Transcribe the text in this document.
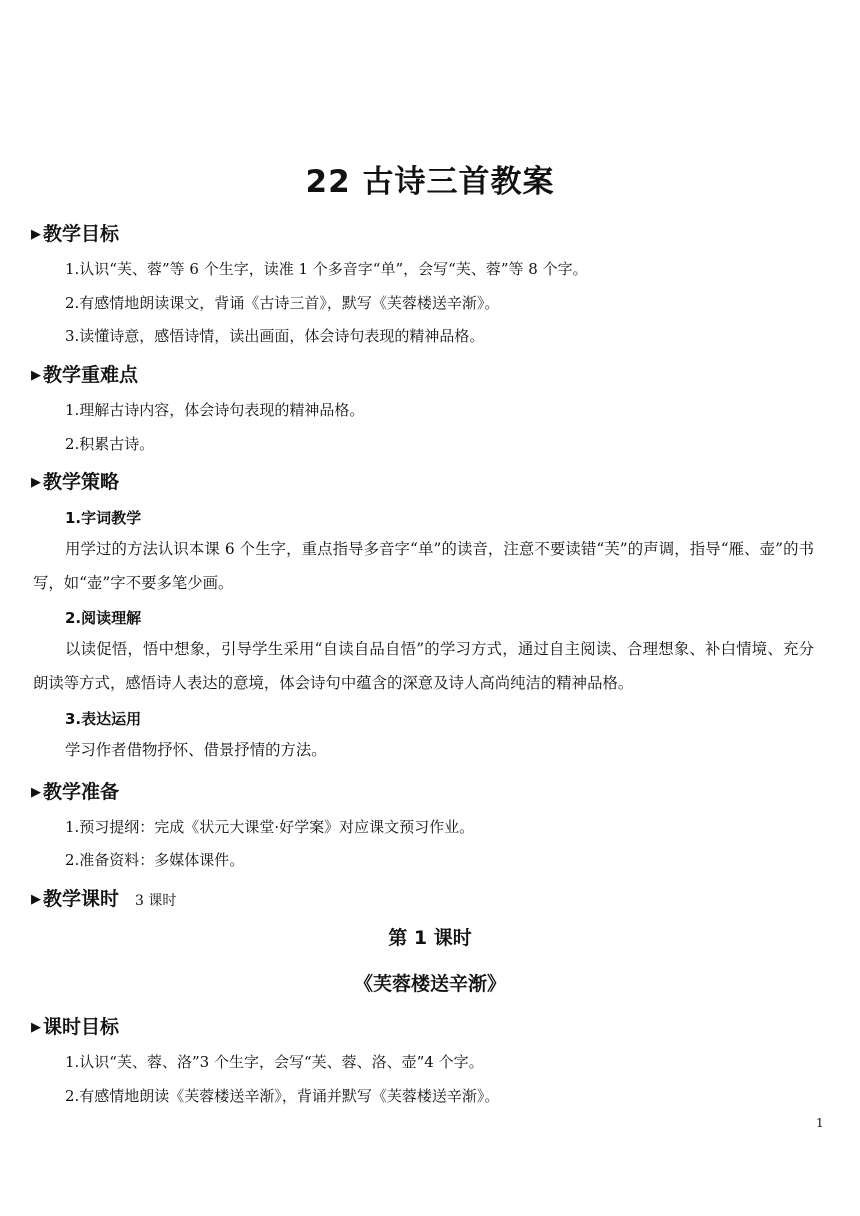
22 古诗三首教案
▶ 教学目标
1.认识“芙、蓉”等 6 个生字，读准 1 个多音字“单”，会写“芙、蓉”等 8 个字。
2.有感情地朗读课文，背诵《古诗三首》，默写《芙蓉楼送辛渐》。
3.读懂诗意，感悟诗情，读出画面，体会诗句表现的精神品格。
▶ 教学重难点
1.理解古诗内容，体会诗句表现的精神品格。
2.积累古诗。
▶ 教学策略
1.字词教学
用学过的方法认识本课 6 个生字，重点指导多音字“单”的读音，注意不要读错“芙”的声调，指导“雁、壶”的书写，如“壶”字不要多笔少画。
2.阅读理解
以读促悟，悟中想象，引导学生采用“自读自品自悟”的学习方式，通过自主阅读、合理想象、补白情境、充分朗读等方式，感悟诗人表达的意境，体会诗句中蕴含的深意及诗人高尚纯洁的精神品格。
3.表达运用
学习作者借物抒怀、借景抒情的方法。
▶ 教学准备
1.预习提纲：完成《状元大课堂·好学案》对应课文预习作业。
2.准备资料：多媒体课件。
▶ 教学课时 3 课时
第 1 课时
《芙蓉楼送辛渐》
▶ 课时目标
1.认识“芙、蓉、洛”3 个生字，会写“芙、蓉、洛、壶”4 个字。
2.有感情地朗读《芙蓉楼送辛渐》，背诵并默写《芙蓉楼送辛渐》。
1
